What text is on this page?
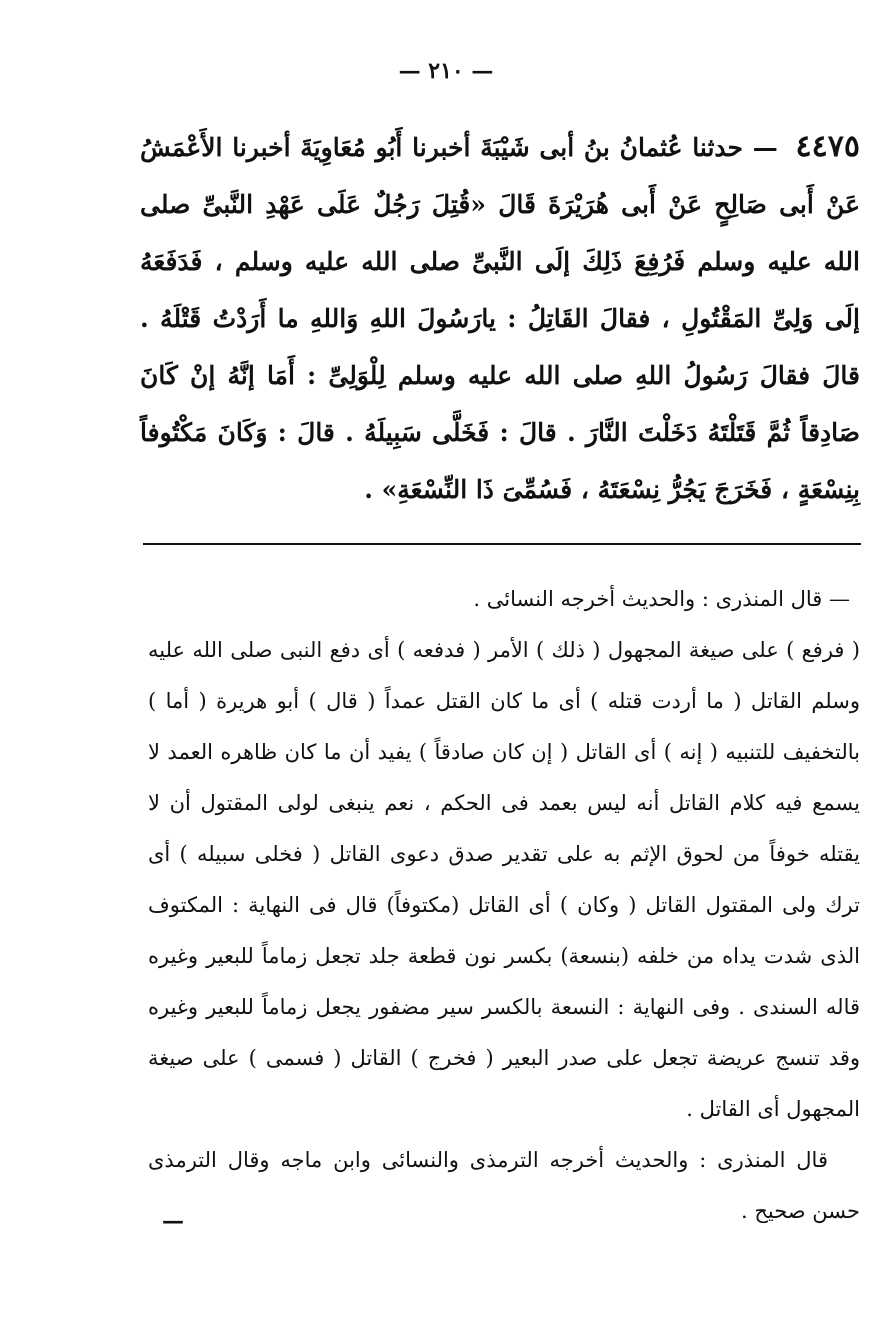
— ٢١٠ —
٤٤٧٥ — حدثنا عُثمانُ بنُ أبى شَيْبَةَ أخبرنا أَبُو مُعَاوِيَةَ أخبرنا الأَعْمَشُ عَنْ أَبى صَالِحٍ عَنْ أَبى هُرَيْرَةَ قَالَ «قُتِلَ رَجُلٌ عَلَى عَهْدِ النَّبىِّ صلى الله عليه وسلم فَرُفِعَ ذَلِكَ إلَى النَّبىِّ صلى الله عليه وسلم ، فَدَفَعَهُ إلَى وَلِىِّ المَقْتُولِ ، فقالَ القَاتِلُ : يارَسُولَ اللهِ وَاللهِ ما أَرَدْتُ قَتْلَهُ . قالَ فقالَ رَسُولُ اللهِ صلى الله عليه وسلم لِلْوَلِىِّ : أَمَا إنَّهُ إنْ كَانَ صَادِقاً ثُمَّ قَتَلْتَهُ دَخَلْتَ النَّارَ . قالَ : فَخَلَّى سَبِيلَهُ . قالَ : وَكَانَ مَكْتُوفاً بِنِسْعَةٍ ، فَخَرَجَ يَجُرُّ نِسْعَتَهُ ، فَسُمِّىَ ذَا النِّسْعَةِ» .

— قال المنذرى : والحديث أخرجه النسائى .

( فرفع ) على صيغة المجهول ( ذلك ) الأمر ( فدفعه ) أى دفع النبى صلى الله عليه وسلم القاتل ( ما أردت قتله ) أى ما كان القتل عمداً ( قال ) أبو هريرة ( أما ) بالتخفيف للتنبيه ( إنه ) أى القاتل ( إن كان صادقاً ) يفيد أن ما كان ظاهره العمد لا يسمع فيه كلام القاتل أنه ليس بعمد فى الحكم ، نعم ينبغى لولى المقتول أن لا يقتله خوفاً من لحوق الإثم به على تقدير صدق دعوى القاتل ( فخلى سبيله ) أى ترك ولى المقتول القاتل ( وكان ) أى القاتل (مكتوفاً) قال فى النهاية : المكتوف الذى شدت يداه من خلفه (بنسعة) بكسر نون قطعة جلد تجعل زماماً للبعير وغيره قاله السندى . وفى النهاية : النسعة بالكسر سير مضفور يجعل زماماً للبعير وغيره وقد تنسج عريضة تجعل على صدر البعير ( فخرج ) القاتل ( فسمى ) على صيغة المجهول أى القاتل .

قال المنذرى : والحديث أخرجه الترمذى والنسائى وابن ماجه وقال الترمذى حسن صحيح .

—
